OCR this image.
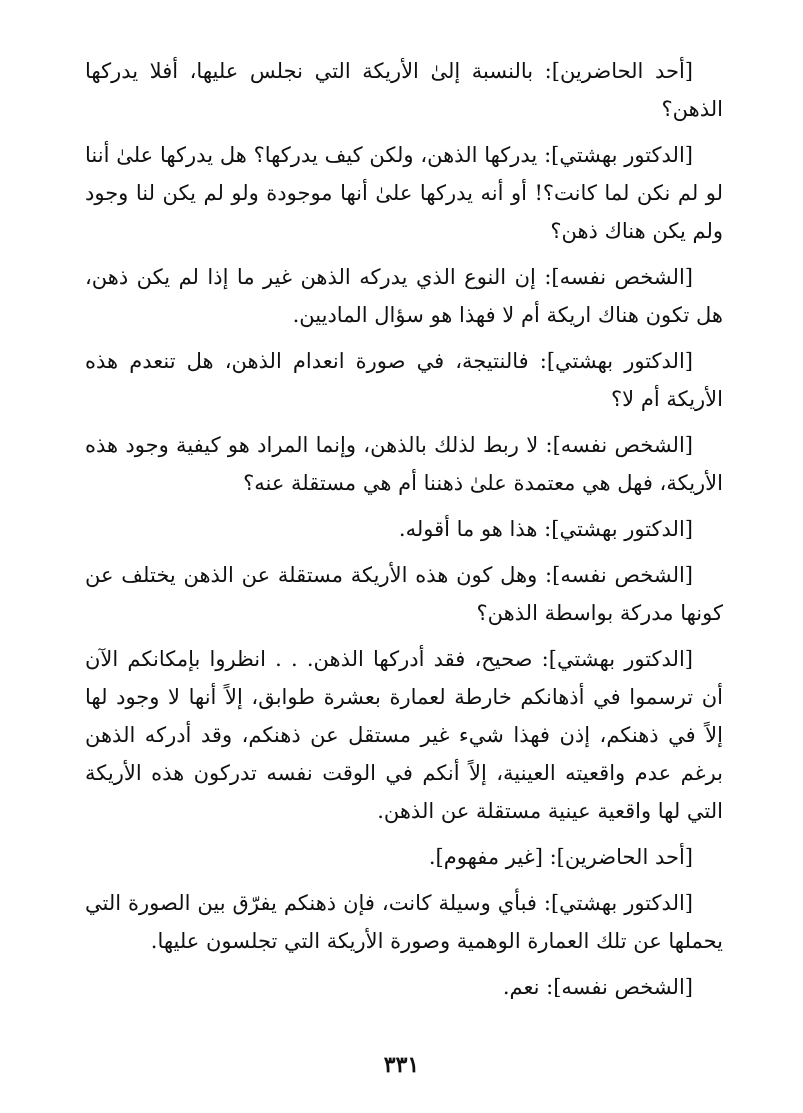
[أحد الحاضرين]: بالنسبة إلىٰ الأريكة التي نجلس عليها، أفلا يدركها الذهن؟

[الدكتور بهشتي]: يدركها الذهن، ولكن كيف يدركها؟ هل يدركها علىٰ أننا لو لم نكن لما كانت؟! أو أنه يدركها علىٰ أنها موجودة ولو لم يكن لنا وجود ولم يكن هناك ذهن؟

[الشخص نفسه]: إن النوع الذي يدركه الذهن غير ما إذا لم يكن ذهن، هل تكون هناك اريكة أم لا فهذا هو سؤال الماديين.

[الدكتور بهشتي]: فالنتيجة، في صورة انعدام الذهن، هل تنعدم هذه الأريكة أم لا؟

[الشخص نفسه]: لا ربط لذلك بالذهن، وإنما المراد هو كيفية وجود هذه الأريكة، فهل هي معتمدة علىٰ ذهننا أم هي مستقلة عنه؟

[الدكتور بهشتي]: هذا هو ما أقوله.

[الشخص نفسه]: وهل كون هذه الأريكة مستقلة عن الذهن يختلف عن كونها مدركة بواسطة الذهن؟

[الدكتور بهشتي]: صحيح، فقد أدركها الذهن. . . انظروا بإمكانكم الآن أن ترسموا في أذهانكم خارطة لعمارة بعشرة طوابق، إلاً أنها لا وجود لها إلاً في ذهنكم، إذن فهذا شيء غير مستقل عن ذهنكم، وقد أدركه الذهن برغم عدم واقعيته العينية، إلاً أنكم في الوقت نفسه تدركون هذه الأريكة التي لها واقعية عينية مستقلة عن الذهن.

[أحد الحاضرين]: [غير مفهوم].

[الدكتور بهشتي]: فبأي وسيلة كانت، فإن ذهنكم يفرّق بين الصورة التي يحملها عن تلك العمارة الوهمية وصورة الأريكة التي تجلسون عليها.

[الشخص نفسه]: نعم.

٣٣١
